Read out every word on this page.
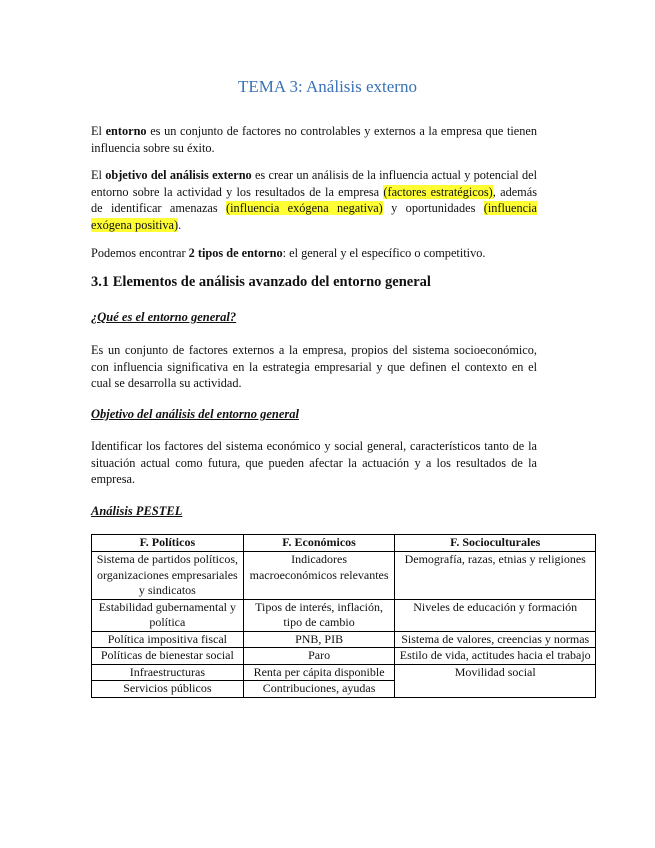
TEMA 3: Análisis externo

El entorno es un conjunto de factores no controlables y externos a la empresa que tienen influencia sobre su éxito.

El objetivo del análisis externo es crear un análisis de la influencia actual y potencial del entorno sobre la actividad y los resultados de la empresa (factores estratégicos), además de identificar amenazas (influencia exógena negativa) y oportunidades (influencia exógena positiva).

Podemos encontrar 2 tipos de entorno: el general y el específico o competitivo.

3.1 Elementos de análisis avanzado del entorno general
¿Qué es el entorno general?

Es un conjunto de factores externos a la empresa, propios del sistema socioeconómico, con influencia significativa en la estrategia empresarial y que definen el contexto en el cual se desarrolla su actividad.

Objetivo del análisis del entorno general

Identificar los factores del sistema económico y social general, característicos tanto de la situación actual como futura, que pueden afectar la actuación y a los resultados de la empresa.

Análisis PESTEL
F. Políticos	F. Económicos	F. Socioculturales
Sistema de partidos políticos, organizaciones empresariales y sindicatos	Indicadores macroeconómicos relevantes	Demografía, razas, etnias y religiones
Estabilidad gubernamental y política	Tipos de interés, inflación, tipo de cambio	Niveles de educación y formación
Política impositiva fiscal	PNB, PIB	Sistema de valores, creencias y normas
Políticas de bienestar social	Paro	Estilo de vida, actitudes hacia el trabajo
Infraestructuras	Renta per cápita disponible	Movilidad social
Servicios públicos	Contribuciones, ayudas	
